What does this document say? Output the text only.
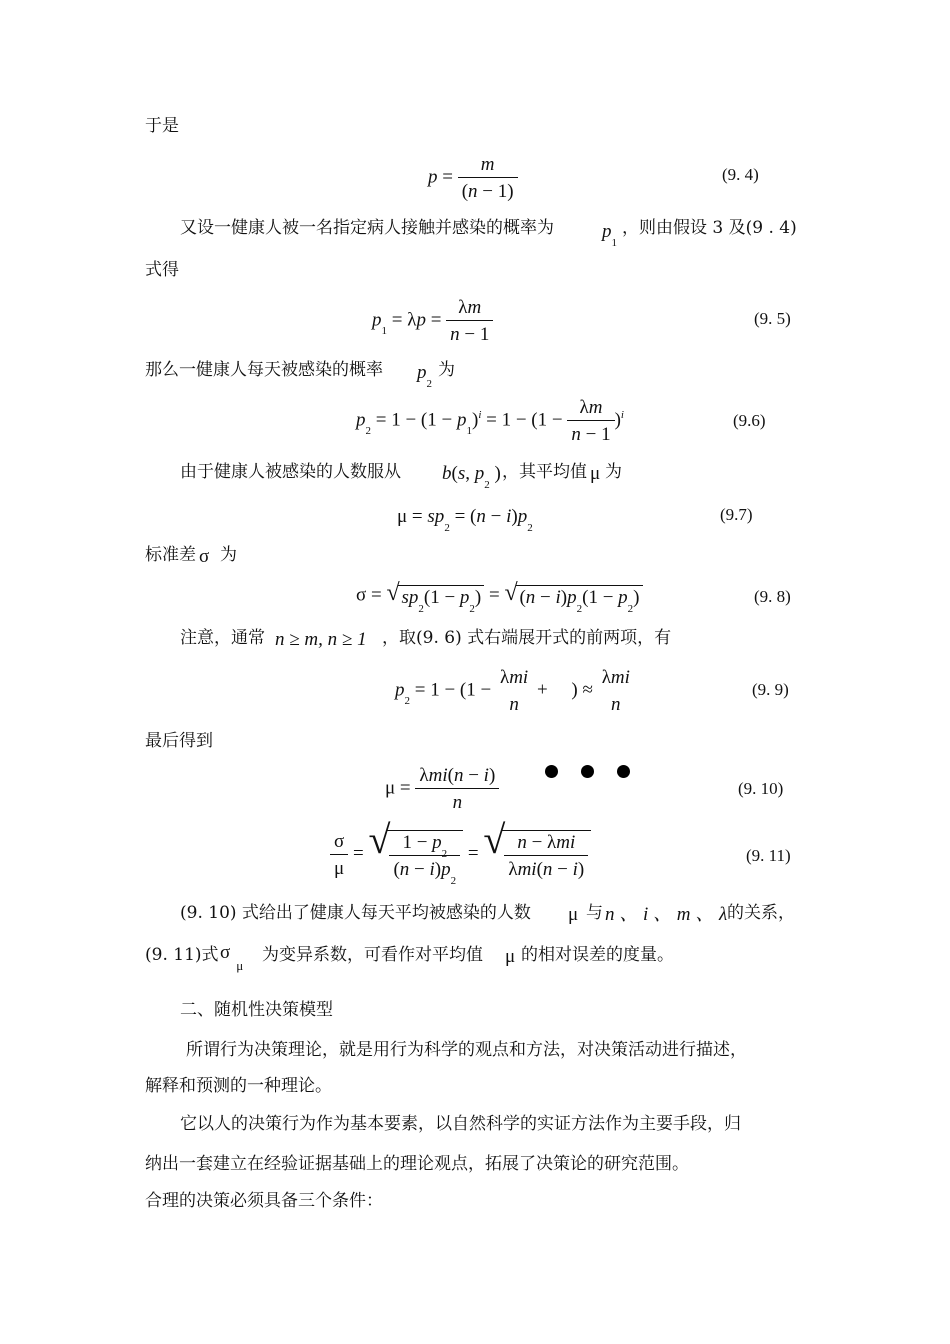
于是
$p = \frac{m}{(n - 1)}$	(9. 4)
又设一健康人被一名指定病人接触并感染的概率为	$p_1$
，则由假设 3 及(9 . 4)
式得
$p_1 = \lambda p = \frac{\lambda m}{n - 1}$	(9. 5)
那么一健康人每天被感染的概率 $p_2$
为
$p_2 = 1 - (1 - p_1)^i = 1 - (1 - \frac{\lambda m}{n - 1} )^i$	(9.6)
由于健康人被感染的人数服从 b(s, $p_2$ ) ，其平均值 μ 为
$\mu = sp_2 = (n - i)p_2$
(9.7)
标准差 σ 为
σ = √ $sp_2(1 - p_2)$ = √ $(n - i)p_2(1 - p_2)$	(9. 8)
注意，通常 n ≥ m, n ≥ 1 ，取(9. 6) 式右端展开式的前两项，有
$p_2 = 1 - (1$ −
λmi
n
+     ) ≈
λmi
n
(9. 9)
最后得到
$\mu = \frac{\text{λmi(n − i)}}{n}$	(9. 10)
$\frac{\sigma}{\mu}$ = √ $\frac{1 - p_2}{(n - i)p_2}$ = √ $\frac{\text{n − λmi}}{\text{λmi(n − i)}}$	(9. 11)
(9. 10) 式给出了健康人每天平均被感染的人数 μ 与 n 、 i 、 m 、 λ 的关系，
(9. 11)式 $\sigma_\mu$
为变异系数，可看作对平均值 μ 的相对误差的度量。
二、随机性决策模型
所谓行为决策理论，就是用行为科学的观点和方法，对决策活动进行描述，
解释和预测的一种理论。
它以人的决策行为作为基本要素，以自然科学的实证方法作为主要手段，归
纳出一套建立在经验证据基础上的理论观点，拓展了决策论的研究范围。
合理的决策必须具备三个条件：
